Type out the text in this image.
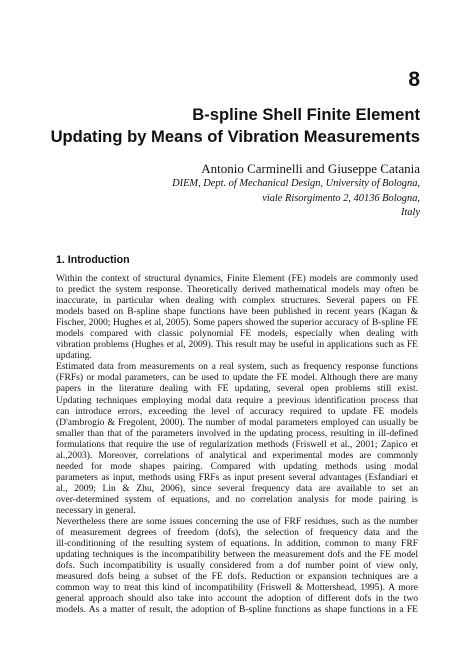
8
B-spline Shell Finite Element
Updating by Means of Vibration Measurements
Antonio Carminelli and Giuseppe Catania
DIEM, Dept. of Mechanical Design, University of Bologna,
viale Risorgimento 2, 40136 Bologna,
Italy
1. Introduction
Within the context of structural dynamics, Finite Element (FE) models are commonly used
to predict the system response. Theoretically derived mathematical models may often be
inaccurate, in particular when dealing with complex structures. Several papers on FE
models based on B-spline shape functions have been published in recent years (Kagan &
Fischer, 2000; Hughes et al, 2005). Some papers showed the superior accuracy of B-spline FE
models compared with classic polynomial FE models, especially when dealing with
vibration problems (Hughes et al, 2009). This result may be useful in applications such as FE
updating.
Estimated data from measurements on a real system, such as frequency response functions
(FRFs) or modal parameters, can be used to update the FE model. Although there are many
papers in the literature dealing with FE updating, several open problems still exist.
Updating techniques employing modal data require a previous identification process that
can introduce errors, exceeding the level of accuracy required to update FE models
(D'ambrogio & Fregolent, 2000). The number of modal parameters employed can usually be
smaller than that of the parameters involved in the updating process, resulting in ill-defined
formulations that require the use of regularization methods (Friswell et al., 2001; Zapico et
al.,2003). Moreover, correlations of analytical and experimental modes are commonly
needed for mode shapes pairing. Compared with updating methods using modal
parameters as input, methods using FRFs as input present several advantages (Esfandiari et
al., 2009; Lin & Zhu, 2006), since several frequency data are available to set an
over-determined system of equations, and no correlation analysis for mode pairing is
necessary in general.
Nevertheless there are some issues concerning the use of FRF residues, such as the number
of measurement degrees of freedom (dofs), the selection of frequency data and the
ill-conditioning of the resulting system of equations. In addition, common to many FRF
updating techniques is the incompatibility between the measurement dofs and the FE model
dofs. Such incompatibility is usually considered from a dof number point of view only,
measured dofs being a subset of the FE dofs. Reduction or expansion techniques are a
common way to treat this kind of incompatibility (Friswell & Mottershead, 1995). A more
general approach should also take into account the adoption of different dofs in the two
models. As a matter of result, the adoption of B-spline functions as shape functions in a FE
